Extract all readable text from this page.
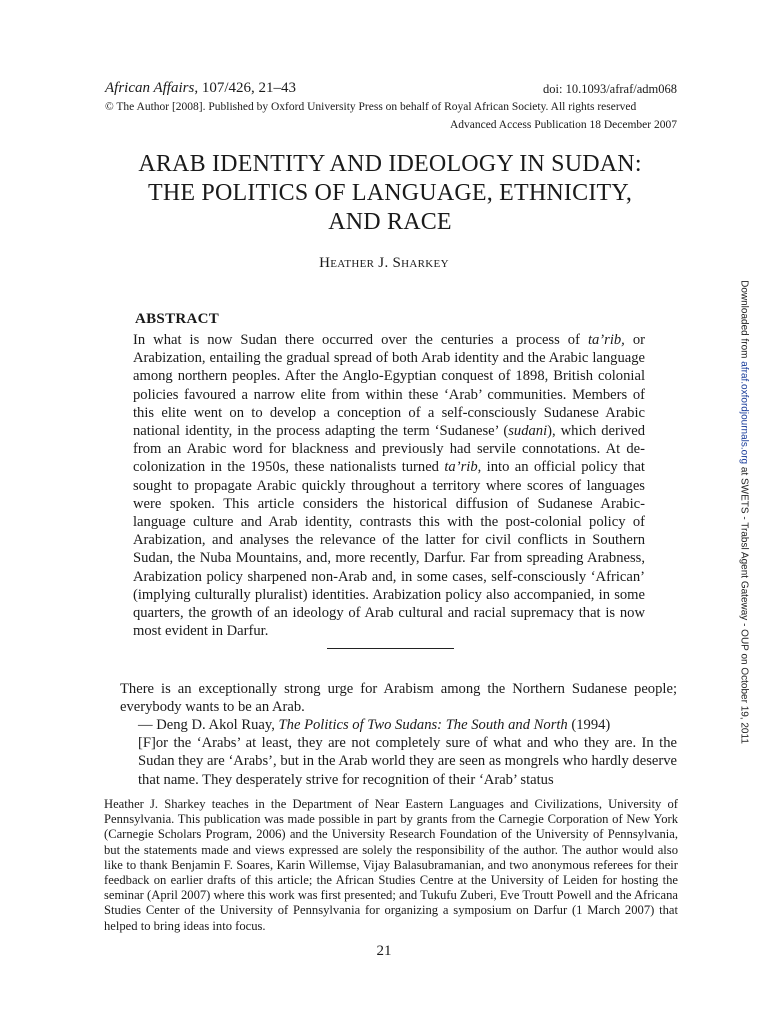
African Affairs, 107/426, 21–43	doi: 10.1093/afraf/adm068
© The Author [2008]. Published by Oxford University Press on behalf of Royal African Society. All rights reserved
Advanced Access Publication 18 December 2007
ARAB IDENTITY AND IDEOLOGY IN SUDAN:
THE POLITICS OF LANGUAGE, ETHNICITY,
AND RACE
Heather J. Sharkey
ABSTRACT
In what is now Sudan there occurred over the centuries a process of ta’rib, or Arabization, entailing the gradual spread of both Arab identity and the Arabic language among northern peoples. After the Anglo-Egyptian conquest of 1898, British colonial policies favoured a narrow elite from within these ‘Arab’ communities. Members of this elite went on to develop a conception of a self-consciously Sudanese Arabic national identity, in the process adapting the term ‘Sudanese’ (sudani), which derived from an Arabic word for blackness and previously had servile connotations. At decolonization in the 1950s, these nationalists turned ta’rib, into an official policy that sought to propagate Arabic quickly throughout a territory where scores of languages were spoken. This article considers the historical diffusion of Sudanese Arabic-language culture and Arab identity, contrasts this with the post-colonial policy of Arabization, and analyses the relevance of the latter for civil conflicts in Southern Sudan, the Nuba Mountains, and, more recently, Darfur. Far from spreading Arabness, Arabization policy sharpened non-Arab and, in some cases, self-consciously ‘African’ (implying culturally pluralist) identities. Arabization policy also accompanied, in some quarters, the growth of an ideology of Arab cultural and racial supremacy that is now most evident in Darfur.
There is an exceptionally strong urge for Arabism among the Northern Sudanese people; everybody wants to be an Arab.
— Deng D. Akol Ruay, The Politics of Two Sudans: The South and North (1994)
[F]or the ‘Arabs’ at least, they are not completely sure of what and who they are. In the Sudan they are ‘Arabs’, but in the Arab world they are seen as mongrels who hardly deserve that name. They desperately strive for recognition of their ‘Arab’ status
Heather J. Sharkey teaches in the Department of Near Eastern Languages and Civilizations, University of Pennsylvania. This publication was made possible in part by grants from the Carnegie Corporation of New York (Carnegie Scholars Program, 2006) and the University Research Foundation of the University of Pennsylvania, but the statements made and views expressed are solely the responsibility of the author. The author would also like to thank Benjamin F. Soares, Karin Willemse, Vijay Balasubramanian, and two anonymous referees for their feedback on earlier drafts of this article; the African Studies Centre at the University of Leiden for hosting the seminar (April 2007) where this work was first presented; and Tukufu Zuberi, Eve Troutt Powell and the Africana Studies Center of the University of Pennsylvania for organizing a symposium on Darfur (1 March 2007) that helped to bring ideas into focus.
21
Downloaded from afraf.oxfordjournals.org at SWETS - Trabsl Agent Gateway - OUP on October 19, 2011
